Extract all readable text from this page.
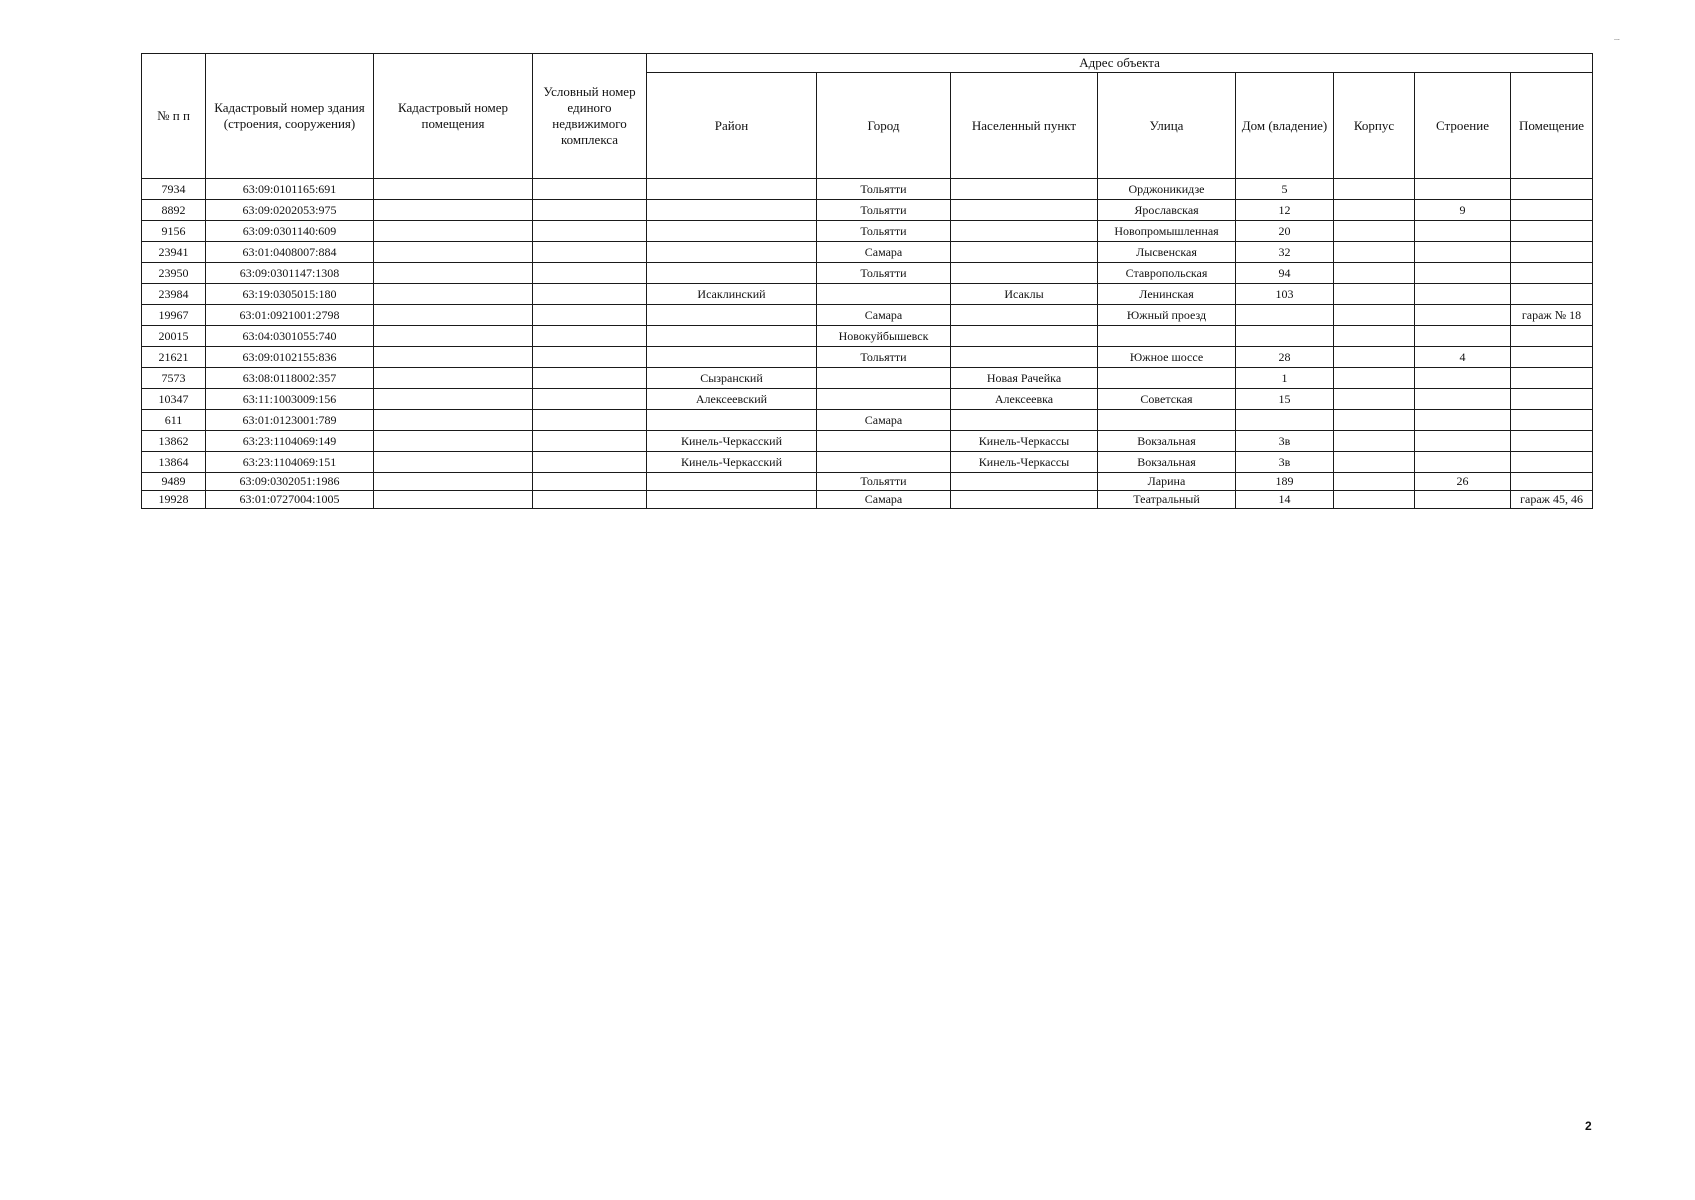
...
№ п п	Кадастровый номер здания (строения, сооружения)	Кадастровый номер помещения	Условный номер единого недвижимого комплекса	Адрес объекта							
				Район	Город	Населенный пункт	Улица	Дом (владение)	Корпус	Строение	Помещение
7934	63:09:0101165:691				Тольятти		Орджоникидзе	5			
8892	63:09:0202053:975				Тольятти		Ярославская	12		9	
9156	63:09:0301140:609				Тольятти		Новопромышленная	20			
23941	63:01:0408007:884				Самара		Лысвенская	32			
23950	63:09:0301147:1308				Тольятти		Ставропольская	94			
23984	63:19:0305015:180			Исаклинский		Исаклы	Ленинская	103			
19967	63:01:0921001:2798				Самара		Южный проезд				гараж № 18
20015	63:04:0301055:740				Новокуйбышевск						
21621	63:09:0102155:836				Тольятти		Южное шоссе	28		4	
7573	63:08:0118002:357			Сызранский		Новая Рачейка		1			
10347	63:11:1003009:156			Алексеевский		Алексеевка	Советская	15			
611	63:01:0123001:789				Самара						
13862	63:23:1104069:149			Кинель-Черкасский		Кинель-Черкассы	Вокзальная	3в			
13864	63:23:1104069:151			Кинель-Черкасский		Кинель-Черкассы	Вокзальная	3в			
9489	63:09:0302051:1986				Тольятти		Ларина	189		26	
19928	63:01:0727004:1005				Самара		Театральный	14			гараж 45, 46
2
